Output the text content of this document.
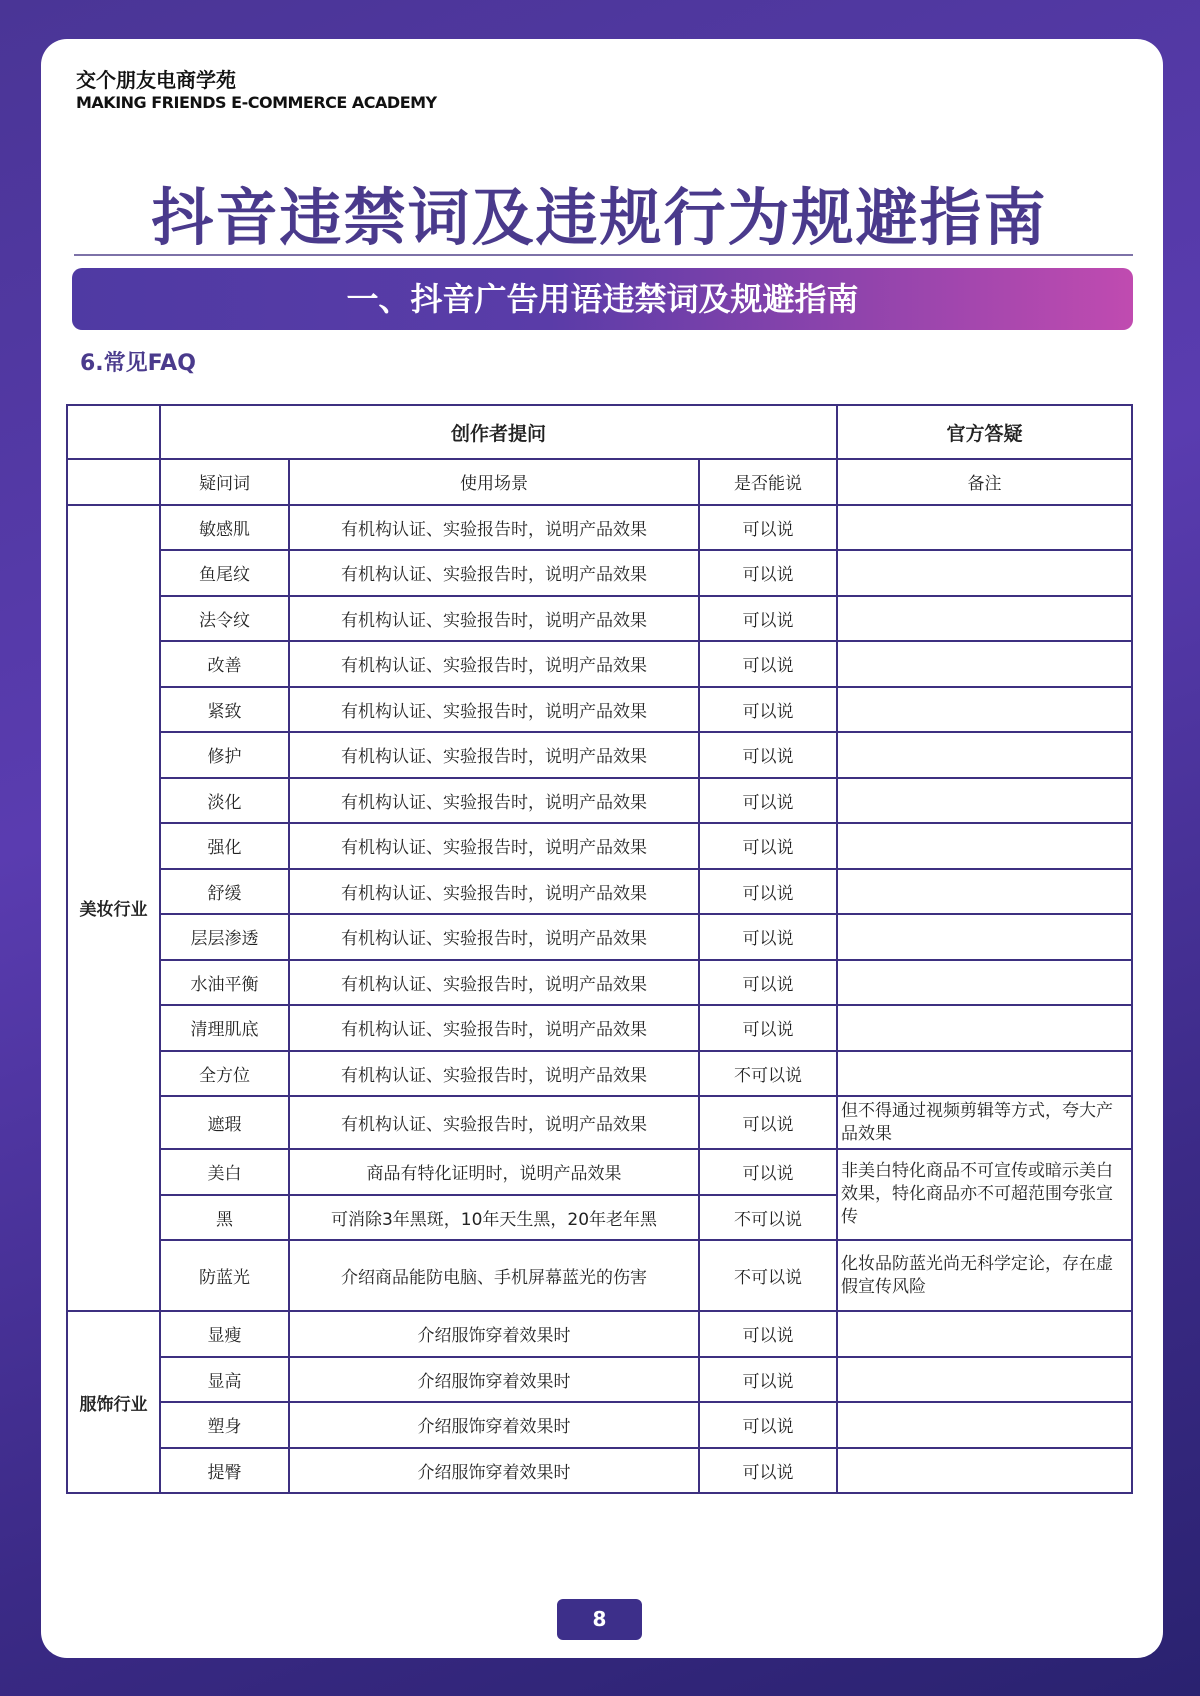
交个朋友电商学苑
MAKING FRIENDS E-COMMERCE ACADEMY
抖音违禁词及违规行为规避指南
一、抖音广告用语违禁词及规避指南
6.常见FAQ
	创作者提问			官方答疑
	疑问词	使用场景	是否能说	备注
美妆行业	敏感肌	有机构认证、实验报告时，说明产品效果	可以说	
	鱼尾纹	有机构认证、实验报告时，说明产品效果	可以说	
	法令纹	有机构认证、实验报告时，说明产品效果	可以说	
	改善	有机构认证、实验报告时，说明产品效果	可以说	
	紧致	有机构认证、实验报告时，说明产品效果	可以说	
	修护	有机构认证、实验报告时，说明产品效果	可以说	
	淡化	有机构认证、实验报告时，说明产品效果	可以说	
	强化	有机构认证、实验报告时，说明产品效果	可以说	
	舒缓	有机构认证、实验报告时，说明产品效果	可以说	
	层层渗透	有机构认证、实验报告时，说明产品效果	可以说	
	水油平衡	有机构认证、实验报告时，说明产品效果	可以说	
	清理肌底	有机构认证、实验报告时，说明产品效果	可以说	
	全方位	有机构认证、实验报告时，说明产品效果	不可以说	
	遮瑕	有机构认证、实验报告时，说明产品效果	可以说	但不得通过视频剪辑等方式，夸大产品效果
	美白	商品有特化证明时，说明产品效果	可以说	非美白特化商品不可宣传或暗示美白效果，特化商品亦不可超范围夸张宣传
	黑	可消除3年黑斑，10年天生黑，20年老年黑	不可以说	
	防蓝光	介绍商品能防电脑、手机屏幕蓝光的伤害	不可以说	化妆品防蓝光尚无科学定论，存在虚假宣传风险
服饰行业	显瘦	介绍服饰穿着效果时	可以说	
	显高	介绍服饰穿着效果时	可以说	
	塑身	介绍服饰穿着效果时	可以说	
	提臀	介绍服饰穿着效果时	可以说	
8
